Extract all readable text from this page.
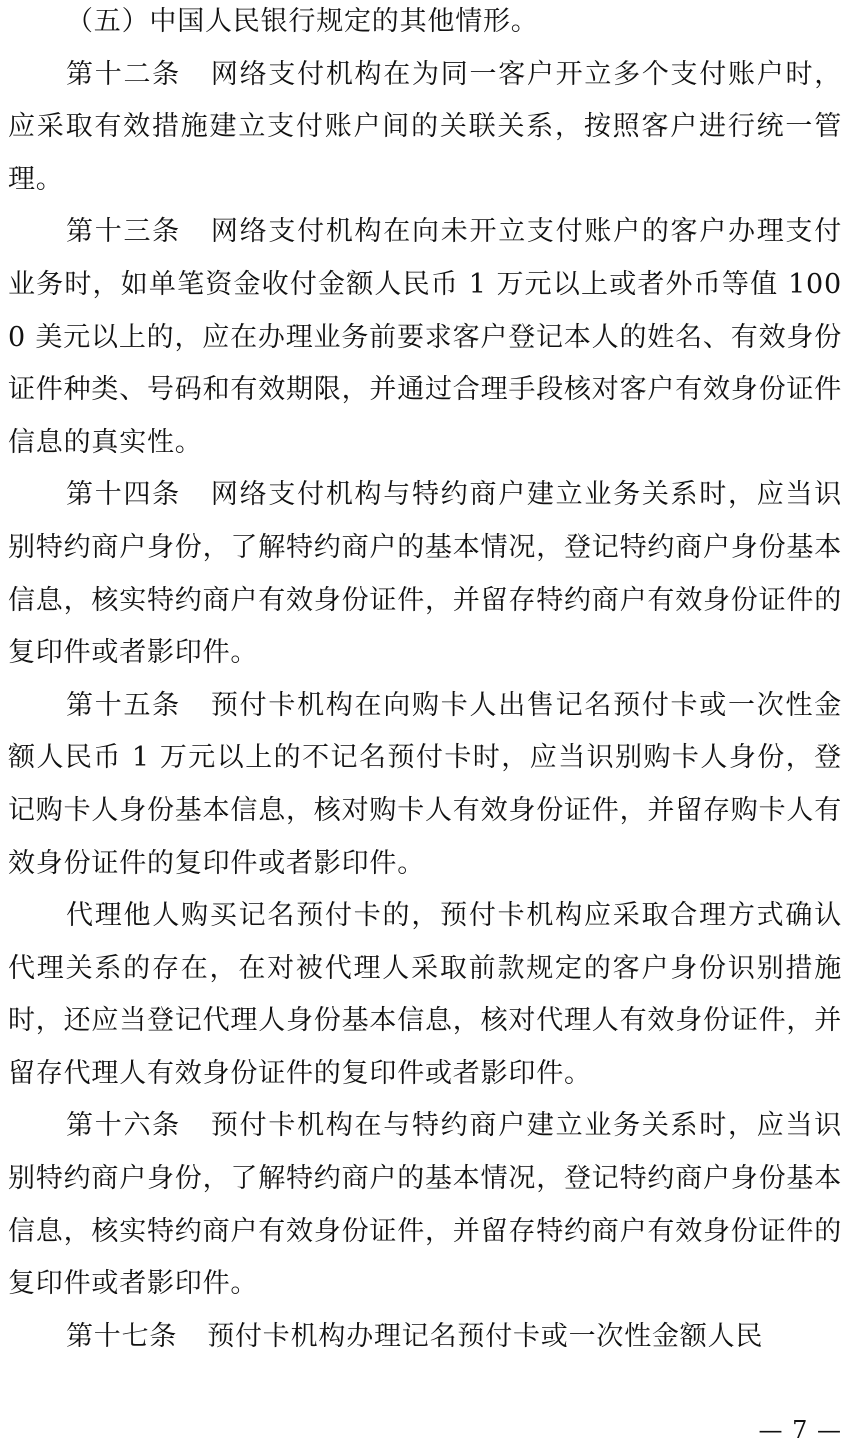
（五）中国人民银行规定的其他情形。

第十二条 网络支付机构在为同一客户开立多个支付账户时，应采取有效措施建立支付账户间的关联关系，按照客户进行统一管理。

第十三条 网络支付机构在向未开立支付账户的客户办理支付业务时，如单笔资金收付金额人民币 1 万元以上或者外币等值 1000 美元以上的，应在办理业务前要求客户登记本人的姓名、有效身份证件种类、号码和有效期限，并通过合理手段核对客户有效身份证件信息的真实性。

第十四条 网络支付机构与特约商户建立业务关系时，应当识别特约商户身份，了解特约商户的基本情况，登记特约商户身份基本信息，核实特约商户有效身份证件，并留存特约商户有效身份证件的复印件或者影印件。

第十五条 预付卡机构在向购卡人出售记名预付卡或一次性金额人民币 1 万元以上的不记名预付卡时，应当识别购卡人身份，登记购卡人身份基本信息，核对购卡人有效身份证件，并留存购卡人有效身份证件的复印件或者影印件。

代理他人购买记名预付卡的，预付卡机构应采取合理方式确认代理关系的存在，在对被代理人采取前款规定的客户身份识别措施时，还应当登记代理人身份基本信息，核对代理人有效身份证件，并留存代理人有效身份证件的复印件或者影印件。

第十六条 预付卡机构在与特约商户建立业务关系时，应当识别特约商户身份，了解特约商户的基本情况，登记特约商户身份基本信息，核实特约商户有效身份证件，并留存特约商户有效身份证件的复印件或者影印件。

第十七条 预付卡机构办理记名预付卡或一次性金额人民

— 7 —
